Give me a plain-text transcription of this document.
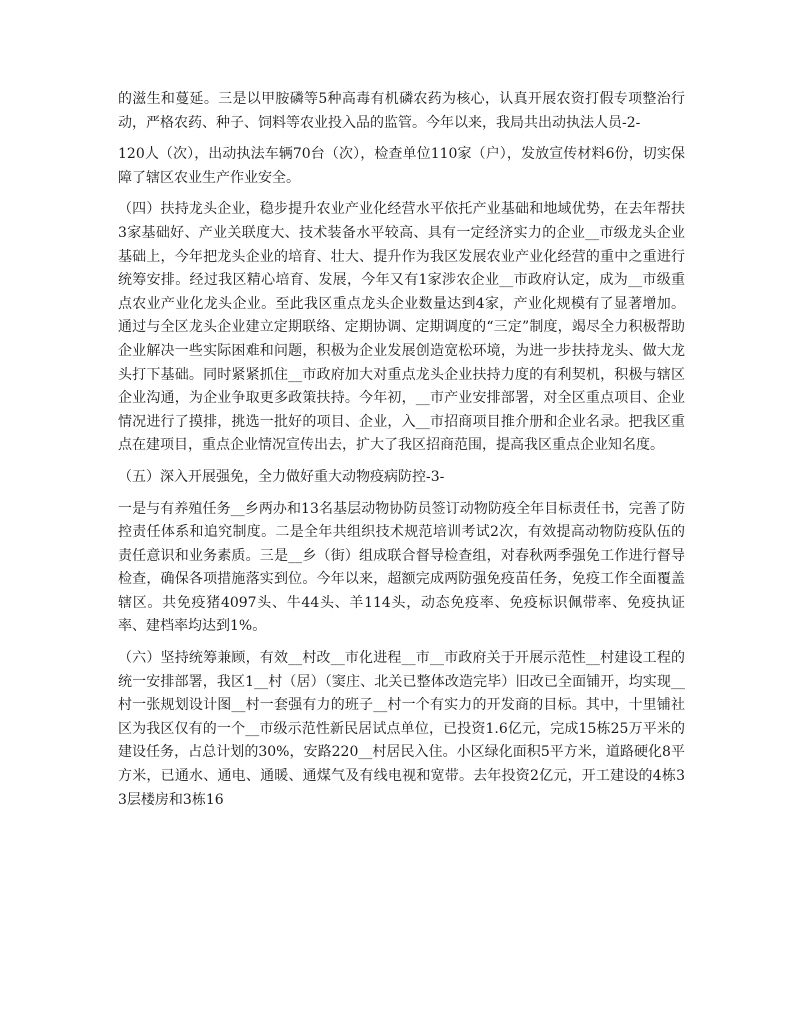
的滋生和蔓延。三是以甲胺磷等5种高毒有机磷农药为核心，认真开展农资打假专项整治行动，严格农药、种子、饲料等农业投入品的监管。今年以来，我局共出动执法人员-2-

120人（次），出动执法车辆70台（次），检查单位110家（户），发放宣传材料6份，切实保障了辖区农业生产作业安全。

（四）扶持龙头企业，稳步提升农业产业化经营水平依托产业基础和地域优势，在去年帮扶3家基础好、产业关联度大、技术装备水平较高、具有一定经济实力的企业__市级龙头企业基础上，今年把龙头企业的培育、壮大、提升作为我区发展农业产业化经营的重中之重进行统筹安排。经过我区精心培育、发展，今年又有1家涉农企业__市政府认定，成为__市级重点农业产业化龙头企业。至此我区重点龙头企业数量达到4家，产业化规模有了显著增加。通过与全区龙头企业建立定期联络、定期协调、定期调度的“三定”制度，竭尽全力积极帮助企业解决一些实际困难和问题，积极为企业发展创造宽松环境，为进一步扶持龙头、做大龙头打下基础。同时紧紧抓住__市政府加大对重点龙头企业扶持力度的有利契机，积极与辖区企业沟通，为企业争取更多政策扶持。今年初，__市产业安排部署，对全区重点项目、企业情况进行了摸排，挑选一批好的项目、企业，入__市招商项目推介册和企业名录。把我区重点在建项目，重点企业情况宣传出去，扩大了我区招商范围，提高我区重点企业知名度。

（五）深入开展强免，全力做好重大动物疫病防控-3-

一是与有养殖任务__乡两办和13名基层动物协防员签订动物防疫全年目标责任书，完善了防控责任体系和追究制度。二是全年共组织技术规范培训考试2次，有效提高动物防疫队伍的责任意识和业务素质。三是__乡（街）组成联合督导检查组，对春秋两季强免工作进行督导检查，确保各项措施落实到位。今年以来，超额完成两防强免疫苗任务，免疫工作全面覆盖辖区。共免疫猪4097头、牛44头、羊114头，动态免疫率、免疫标识佩带率、免疫执证率、建档率均达到1%。

（六）坚持统筹兼顾，有效__村改__市化进程__市__市政府关于开展示范性__村建设工程的统一安排部署，我区1__村（居）（窦庄、北关已整体改造完毕）旧改已全面铺开，均实现__村一张规划设计图__村一套强有力的班子__村一个有实力的开发商的目标。其中，十里铺社区为我区仅有的一个__市级示范性新民居试点单位，已投资1.6亿元，完成15栋25万平米的建设任务，占总计划的30%，安路220__村居民入住。小区绿化面积5平方米，道路硬化8平方米，已通水、通电、通暖、通煤气及有线电视和宽带。去年投资2亿元，开工建设的4栋33层楼房和3栋16
